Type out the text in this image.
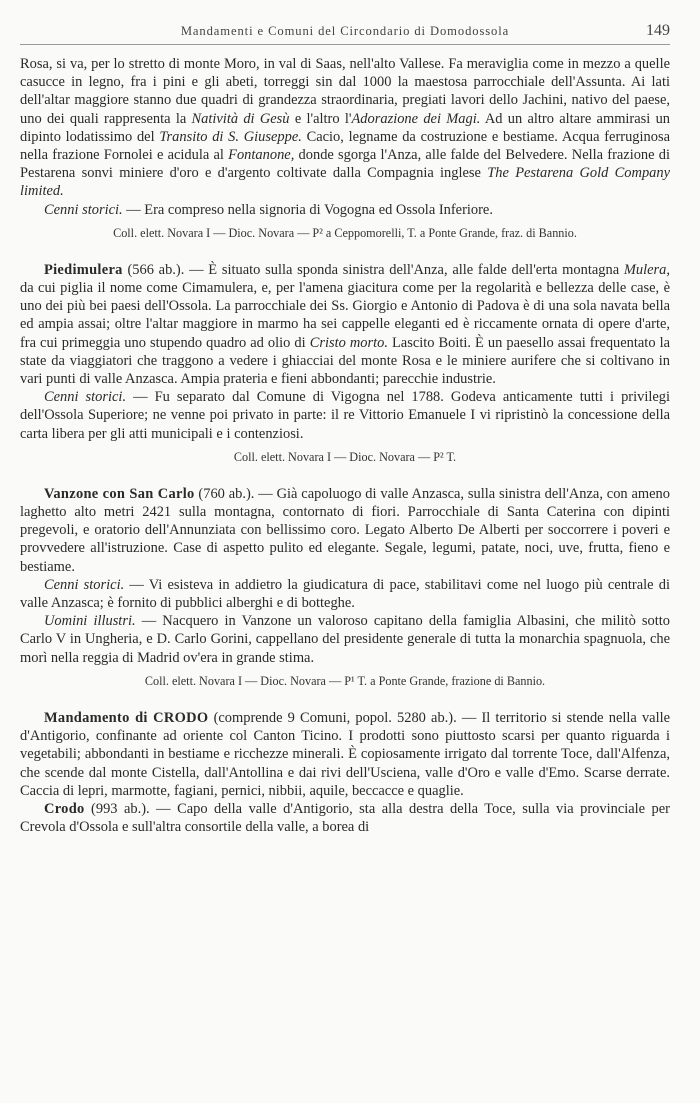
Mandamenti e Comuni del Circondario di Domodossola	149

Rosa, si va, per lo stretto di monte Moro, in val di Saas, nell'alto Vallese. Fa meraviglia come in mezzo a quelle casucce in legno, fra i pini e gli abeti, torreggi sin dal 1000 la maestosa parrocchiale dell'Assunta. Ai lati dell'altar maggiore stanno due quadri di grandezza straordinaria, pregiati lavori dello Jachini, nativo del paese, uno dei quali rappresenta la Natività di Gesù e l'altro l'Adorazione dei Magi. Ad un altro altare ammirasi un dipinto lodatissimo del Transito di S. Giuseppe. Cacio, legname da costruzione e bestiame. Acqua ferruginosa nella frazione Fornolei e acidula al Fontanone, donde sgorga l'Anza, alle falde del Belvedere. Nella frazione di Pestarena sonvi miniere d'oro e d'argento coltivate dalla Compagnia inglese The Pestarena Gold Company limited.

Cenni storici. — Era compreso nella signoria di Vogogna ed Ossola Inferiore.

Coll. elett. Novara I — Dioc. Novara — P² a Ceppomorelli, T. a Ponte Grande, fraz. di Bannio.

Piedimulera (566 ab.). — È situato sulla sponda sinistra dell'Anza, alle falde dell'erta montagna Mulera, da cui piglia il nome come Cimamulera, e, per l'amena giacitura come per la regolarità e bellezza delle case, è uno dei più bei paesi dell'Ossola. La parrocchiale dei Ss. Giorgio e Antonio di Padova è di una sola navata bella ed ampia assai; oltre l'altar maggiore in marmo ha sei cappelle eleganti ed è riccamente ornata di opere d'arte, fra cui primeggia uno stupendo quadro ad olio di Cristo morto. Lascito Boiti. È un paesello assai frequentato la state da viaggiatori che traggono a vedere i ghiacciai del monte Rosa e le miniere aurifere che si coltivano in vari punti di valle Anzasca. Ampia prateria e fieni abbondanti; parecchie industrie.

Cenni storici. — Fu separato dal Comune di Vigogna nel 1788. Godeva anticamente tutti i privilegi dell'Ossola Superiore; ne venne poi privato in parte: il re Vittorio Emanuele I vi ripristinò la concessione della carta libera per gli atti municipali e i contenziosi.

Coll. elett. Novara I — Dioc. Novara — P² T.

Vanzone con San Carlo (760 ab.). — Già capoluogo di valle Anzasca, sulla sinistra dell'Anza, con ameno laghetto alto metri 2421 sulla montagna, contornato di fiori. Parrocchiale di Santa Caterina con dipinti pregevoli, e oratorio dell'Annunziata con bellissimo coro. Legato Alberto De Alberti per soccorrere i poveri e provvedere all'istruzione. Case di aspetto pulito ed elegante. Segale, legumi, patate, noci, uve, frutta, fieno e bestiame.

Cenni storici. — Vi esisteva in addietro la giudicatura di pace, stabilitavi come nel luogo più centrale di valle Anzasca; è fornito di pubblici alberghi e di botteghe.

Uomini illustri. — Nacquero in Vanzone un valoroso capitano della famiglia Albasini, che militò sotto Carlo V in Ungheria, e D. Carlo Gorini, cappellano del presidente generale di tutta la monarchia spagnuola, che morì nella reggia di Madrid ov'era in grande stima.

Coll. elett. Novara I — Dioc. Novara — P¹ T. a Ponte Grande, frazione di Bannio.

Mandamento di CRODO (comprende 9 Comuni, popol. 5280 ab.). — Il territorio si stende nella valle d'Antigorio, confinante ad oriente col Canton Ticino. I prodotti sono piuttosto scarsi per quanto riguarda i vegetabili; abbondanti in bestiame e ricchezze minerali. È copiosamente irrigato dal torrente Toce, dall'Alfenza, che scende dal monte Cistella, dall'Antollina e dai rivi dell'Usciena, valle d'Oro e valle d'Emo. Scarse derrate. Caccia di lepri, marmotte, fagiani, pernici, nibbii, aquile, beccacce e quaglie.

Crodo (993 ab.). — Capo della valle d'Antigorio, sta alla destra della Toce, sulla via provinciale per Crevola d'Ossola e sull'altra consortile della valle, a borea di
